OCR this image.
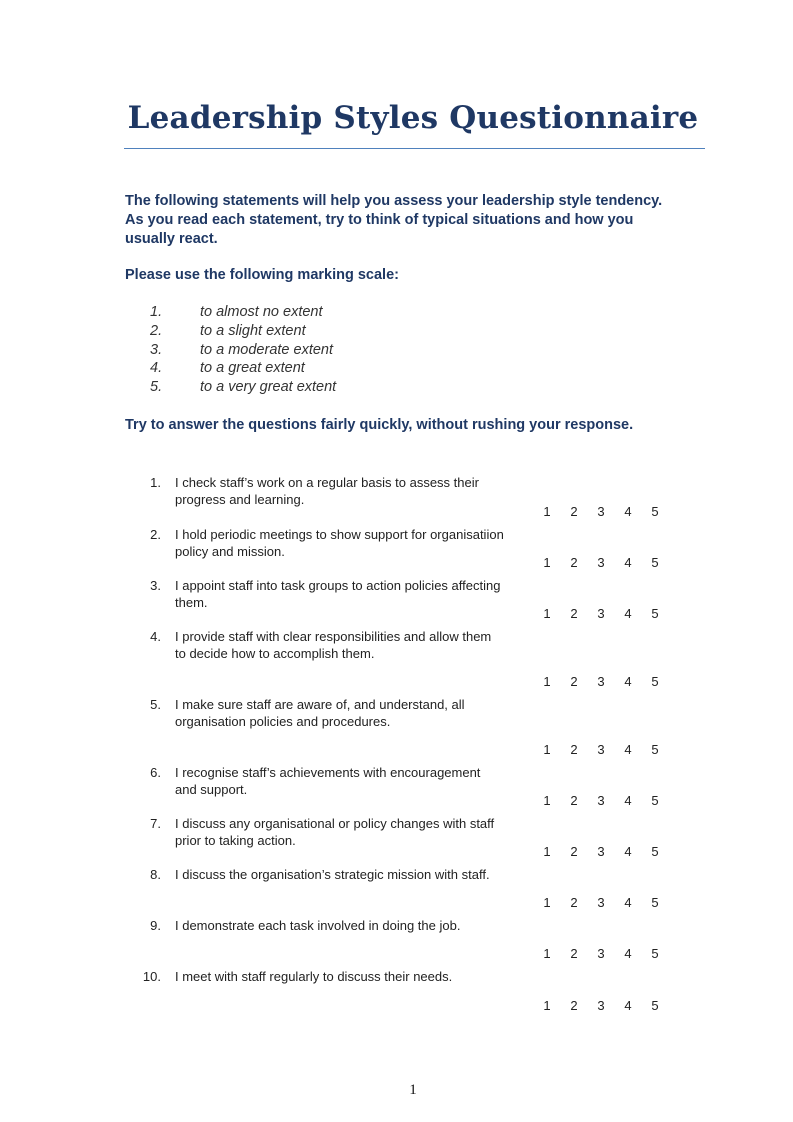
Leadership Styles Questionnaire

The following statements will help you assess your leadership style tendency.

As you read each statement, try to think of typical situations and how you

usually react.

Please use the following marking scale:
1.	to almost no extent
2.	to a slight extent
3.	to a moderate extent
4.	to a great extent
5.	to a very great extent
Try to answer the questions fairly quickly, without rushing your response.
1. I check staff’s work on a regular basis to assess their progress and learning.
1 2 3 4 5
2. I hold periodic meetings to show support for organisatiion policy and mission.
1 2 3 4 5
3. I appoint staff into task groups to action policies affecting them.
1 2 3 4 5
4. I provide staff with clear responsibilities and allow them to decide how to accomplish them.
1 2 3 4 5
5. I make sure staff are aware of, and understand, all organisation policies and procedures.
1 2 3 4 5
6. I recognise staff’s achievements with encouragement and support.
1 2 3 4 5
7. I discuss any organisational or policy changes with staff prior to taking action.
1 2 3 4 5
8. I discuss the organisation’s strategic mission with staff.
1 2 3 4 5
9. I demonstrate each task involved in doing the job.
1 2 3 4 5
10. I meet with staff regularly to discuss their needs.
1 2 3 4 5
1
